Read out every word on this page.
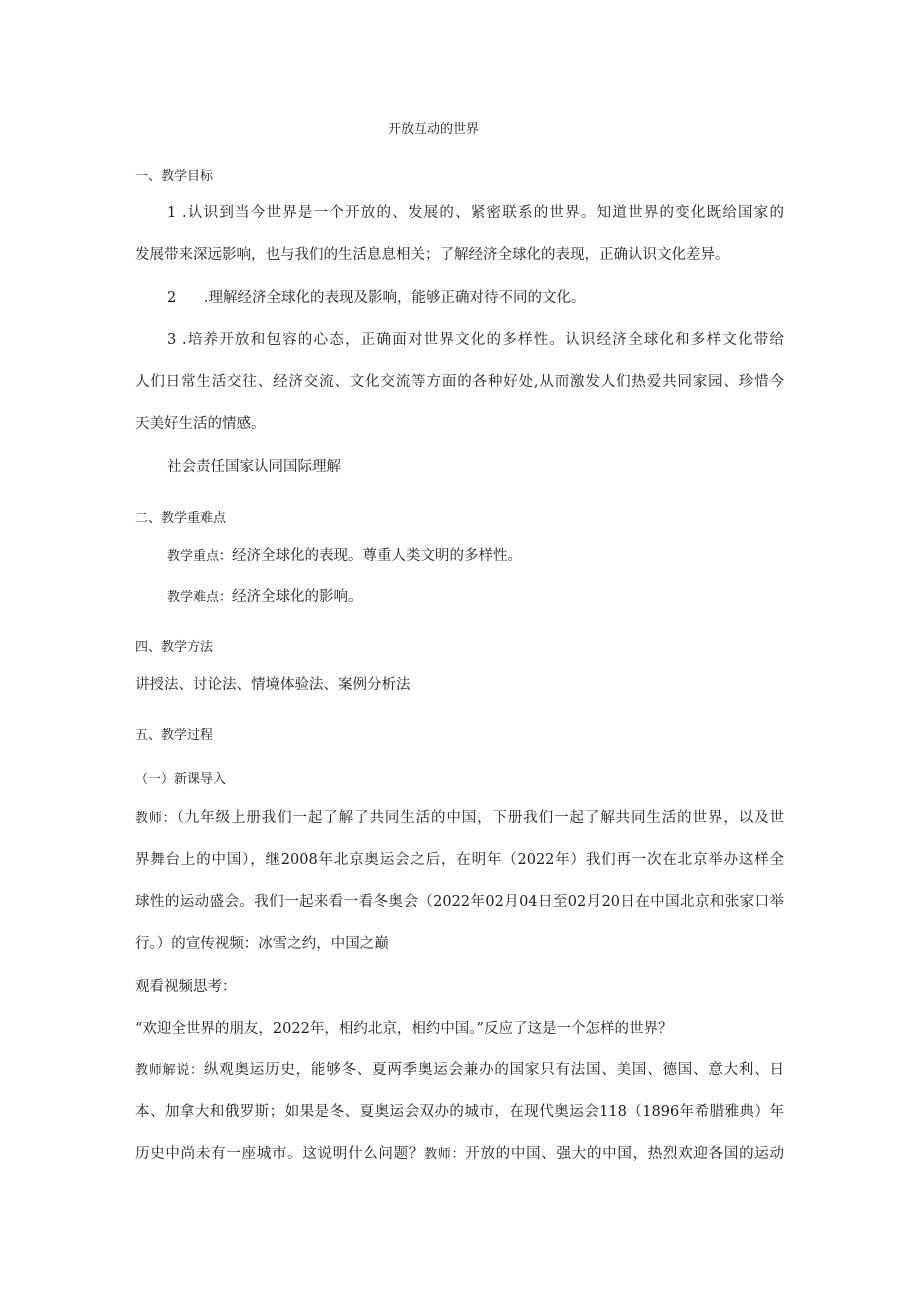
开放互动的世界
一、教学目标
1 .认识到当今世界是一个开放的、发展的、紧密联系的世界。知道世界的变化既给国家的
发展带来深远影响，也与我们的生活息息相关；了解经济全球化的表现，正确认识文化差异。
2      .理解经济全球化的表现及影响，能够正确对待不同的文化。
3 .培养开放和包容的心态，正确面对世界文化的多样性。认识经济全球化和多样文化带给
人们日常生活交往、经济交流、文化交流等方面的各种好处,从而激发人们热爱共同家园、珍惜今
天美好生活的情感。
社会责任国家认同国际理解
二、教学重难点
教学重点：经济全球化的表现。尊重人类文明的多样性。
教学难点：经济全球化的影响。
四、教学方法
讲授法、讨论法、情境体验法、案例分析法
五、教学过程
（一）新课导入
教师：（九年级上册我们一起了解了共同生活的中国，下册我们一起了解共同生活的世界，以及世
界舞台上的中国），继2008年北京奥运会之后，在明年（2022年）我们再一次在北京举办这样全
球性的运动盛会。我们一起来看一看冬奥会（2022年02月04日至02月20日在中国北京和张家口举
行。）的宣传视频：冰雪之约，中国之巅
观看视频思考：
“欢迎全世界的朋友，2022年，相约北京，相约中国。”反应了这是一个怎样的世界？
教师解说：纵观奥运历史，能够冬、夏两季奥运会兼办的国家只有法国、美国、德国、意大利、日
本、加拿大和俄罗斯；如果是冬、夏奥运会双办的城市，在现代奥运会118（1896年希腊雅典）年
历史中尚未有一座城市。这说明什么问题？教师：开放的中国、强大的中国，热烈欢迎各国的运动
